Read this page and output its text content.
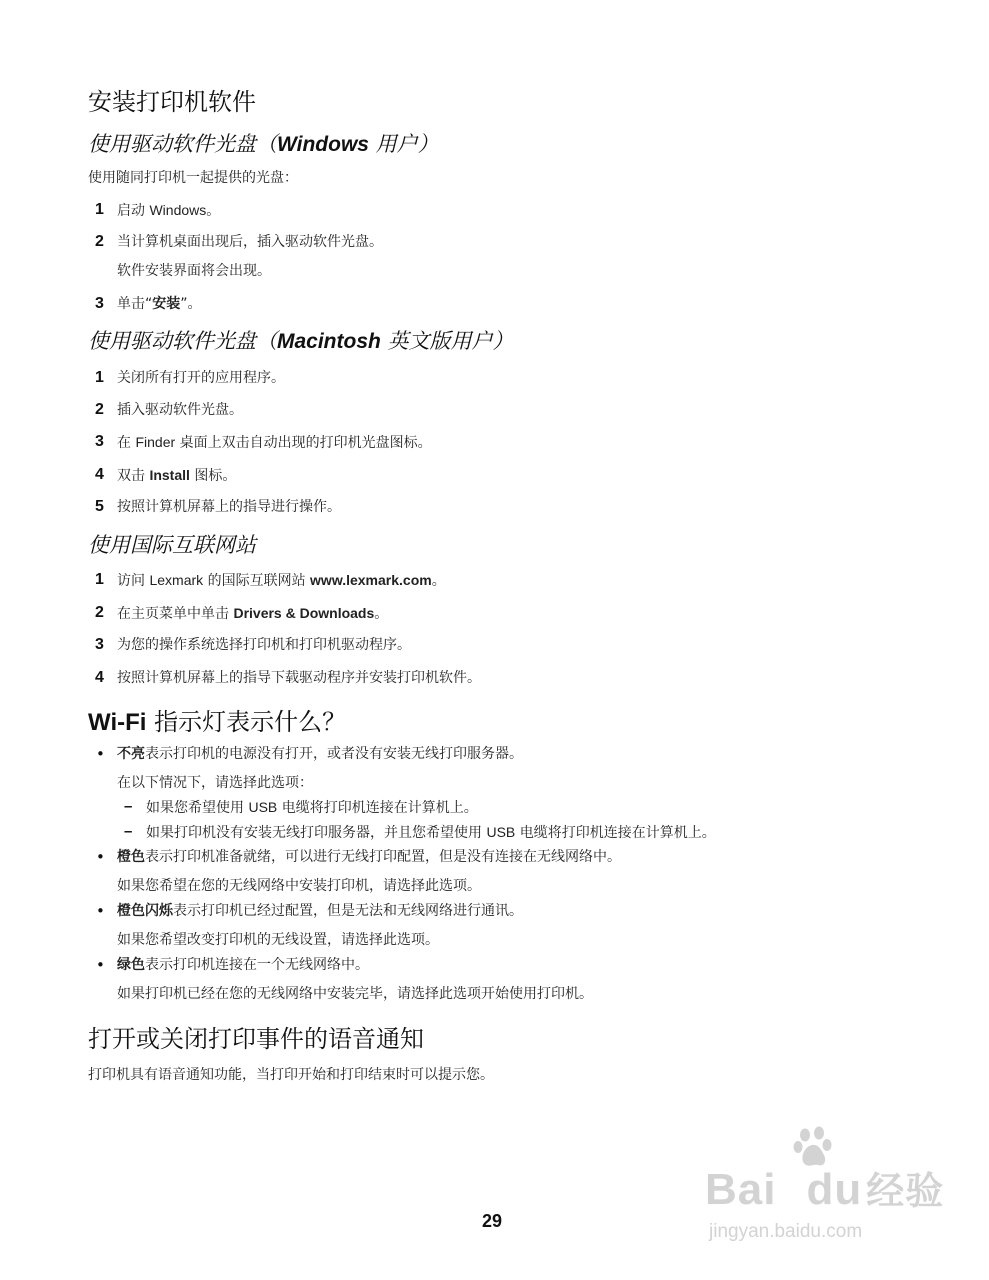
安装打印机软件
使用驱动软件光盘（Windows 用户）
使用随同打印机一起提供的光盘：
1 启动 Windows。
2 当计算机桌面出现后，插入驱动软件光盘。
软件安装界面将会出现。
3 单击“安装”。
使用驱动软件光盘（Macintosh 英文版用户）
1 关闭所有打开的应用程序。
2 插入驱动软件光盘。
3 在 Finder 桌面上双击自动出现的打印机光盘图标。
4 双击 Install 图标。
5 按照计算机屏幕上的指导进行操作。
使用国际互联网站
1 访问 Lexmark 的国际互联网站 www.lexmark.com。
2 在主页菜单中单击 Drivers & Downloads。
3 为您的操作系统选择打印机和打印机驱动程序。
4 按照计算机屏幕上的指导下载驱动程序并安装打印机软件。
Wi-Fi 指示灯表示什么？
• 不亮表示打印机的电源没有打开，或者没有安装无线打印服务器。
在以下情况下，请选择此选项：
– 如果您希望使用 USB 电缆将打印机连接在计算机上。
– 如果打印机没有安装无线打印服务器，并且您希望使用 USB 电缆将打印机连接在计算机上。
• 橙色表示打印机准备就绪，可以进行无线打印配置，但是没有连接在无线网络中。
如果您希望在您的无线网络中安装打印机，请选择此选项。
• 橙色闪烁表示打印机已经过配置，但是无法和无线网络进行通讯。
如果您希望改变打印机的无线设置，请选择此选项。
• 绿色表示打印机连接在一个无线网络中。
如果打印机已经在您的无线网络中安装完毕，请选择此选项开始使用打印机。
打开或关闭打印事件的语音通知
打印机具有语音通知功能，当打印开始和打印结束时可以提示您。
29
Bai du 经验
jingyan.baidu.com
